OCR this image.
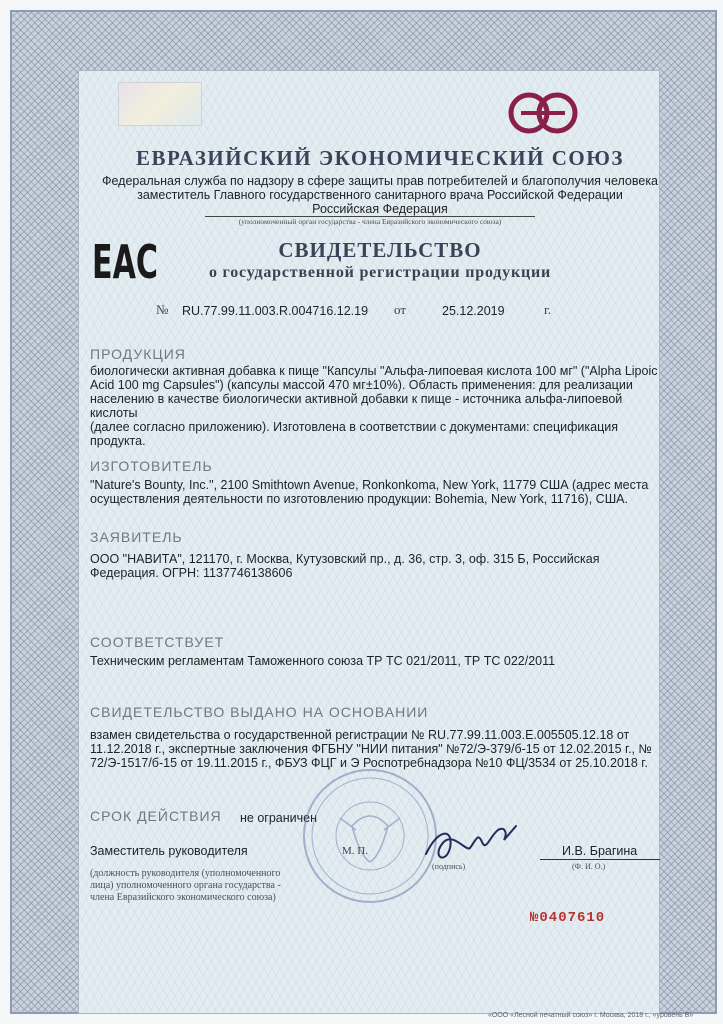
ЕВРАЗИЙСКИЙ ЭКОНОМИЧЕСКИЙ СОЮЗ
Федеральная служба по надзору в сфере защиты прав потребителей и благополучия человека
заместитель Главного государственного санитарного врача Российской Федерации
Российская Федерация
(уполномоченный орган государства - члена Евразийского экономического союза)
ЕАС	СВИДЕТЕЛЬСТВО
о государственной регистрации продукции
№ RU.77.99.11.003.R.004716.12.19 от	25.12.2019	г.
ПРОДУКЦИЯ
биологически активная добавка к пище "Капсулы "Альфа-липоевая кислота 100 мг" ("Alpha Lipoic
Acid 100 mg Capsules") (капсулы массой 470 мг±10%). Область применения: для реализации
населению в качестве биологически активной добавки к пище - источника альфа-липоевой кислоты
(далее согласно приложению). Изготовлена в соответствии с документами: спецификация продукта.
ИЗГОТОВИТЕЛЬ
"Nature's Bounty, Inc.", 2100 Smithtown Avenue, Ronkonkoma, New York, 11779 США (адрес места
осуществления деятельности по изготовлению продукции: Bohemia, New York, 11716), США.
ЗАЯВИТЕЛЬ
ООО "НАВИТА", 121170, г. Москва, Кутузовский пр., д. 36, стр. 3, оф. 315 Б, Российская
Федерация. ОГРН: 1137746138606
СООТВЕТСТВУЕТ
Техническим регламентам Таможенного союза ТР ТС 021/2011, ТР ТС 022/2011
СВИДЕТЕЛЬСТВО ВЫДАНО НА ОСНОВАНИИ
взамен свидетельства о государственной регистрации № RU.77.99.11.003.Е.005505.12.18 от
11.12.2018 г., экспертные заключения ФГБНУ "НИИ питания" №72/Э-379/б-15 от 12.02.2015 г., №
72/Э-1517/б-15 от 19.11.2015 г., ФБУЗ ФЦГ и Э Роспотребнадзора №10 ФЦ/3534 от 25.10.2018 г.
СРОК ДЕЙСТВИЯ не ограничен
Заместитель руководителя	М. П.	И.В. Брагина
(Ф. И. О.)
(подпись)
(должность руководителя (уполномоченного
лица) уполномоченного органа государства -
члена Евразийского экономического союза)
№0407610
«ООО «Лесной печатный союз» г. Москва, 2018 г., «уровень В»
